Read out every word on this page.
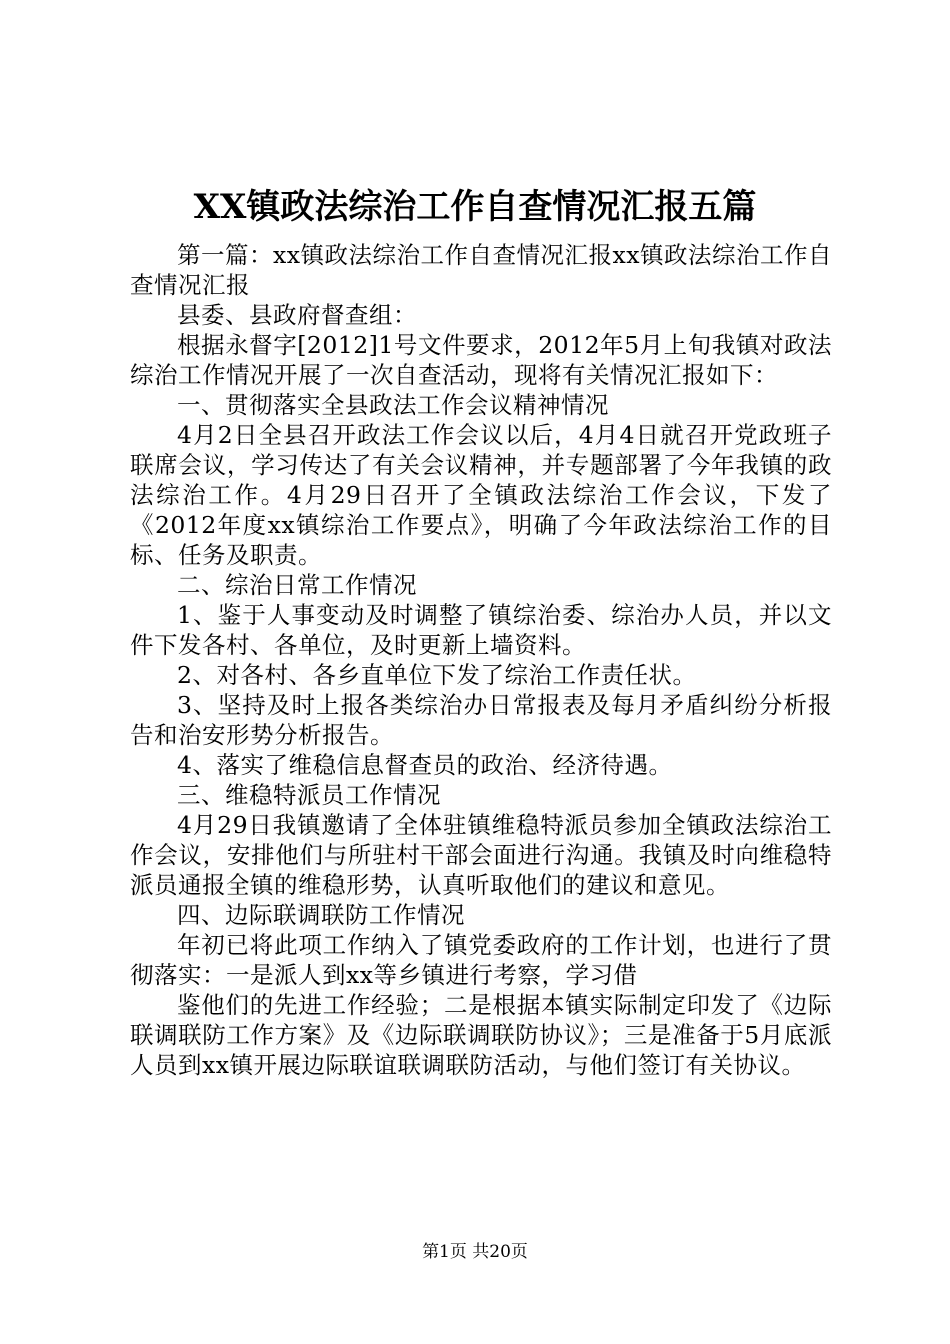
XX镇政法综治工作自查情况汇报五篇

第一篇：xx镇政法综治工作自查情况汇报xx镇政法综治工作自查情况汇报

县委、县政府督查组：

根据永督字[2012]1号文件要求，2012年5月上旬我镇对政法综治工作情况开展了一次自查活动，现将有关情况汇报如下：

一、贯彻落实全县政法工作会议精神情况

4月2日全县召开政法工作会议以后，4月4日就召开党政班子联席会议，学习传达了有关会议精神，并专题部署了今年我镇的政法综治工作。4月29日召开了全镇政法综治工作会议，下发了《2012年度xx镇综治工作要点》，明确了今年政法综治工作的目标、任务及职责。

二、综治日常工作情况

1、鉴于人事变动及时调整了镇综治委、综治办人员，并以文件下发各村、各单位，及时更新上墙资料。

2、对各村、各乡直单位下发了综治工作责任状。

3、坚持及时上报各类综治办日常报表及每月矛盾纠纷分析报告和治安形势分析报告。

4、落实了维稳信息督查员的政治、经济待遇。

三、维稳特派员工作情况

4月29日我镇邀请了全体驻镇维稳特派员参加全镇政法综治工作会议，安排他们与所驻村干部会面进行沟通。我镇及时向维稳特派员通报全镇的维稳形势，认真听取他们的建议和意见。

四、边际联调联防工作情况

年初已将此项工作纳入了镇党委政府的工作计划，也进行了贯彻落实：一是派人到xx等乡镇进行考察，学习借

鉴他们的先进工作经验；二是根据本镇实际制定印发了《边际联调联防工作方案》及《边际联调联防协议》；三是准备于5月底派人员到xx镇开展边际联谊联调联防活动，与他们签订有关协议。

第1页 共20页
